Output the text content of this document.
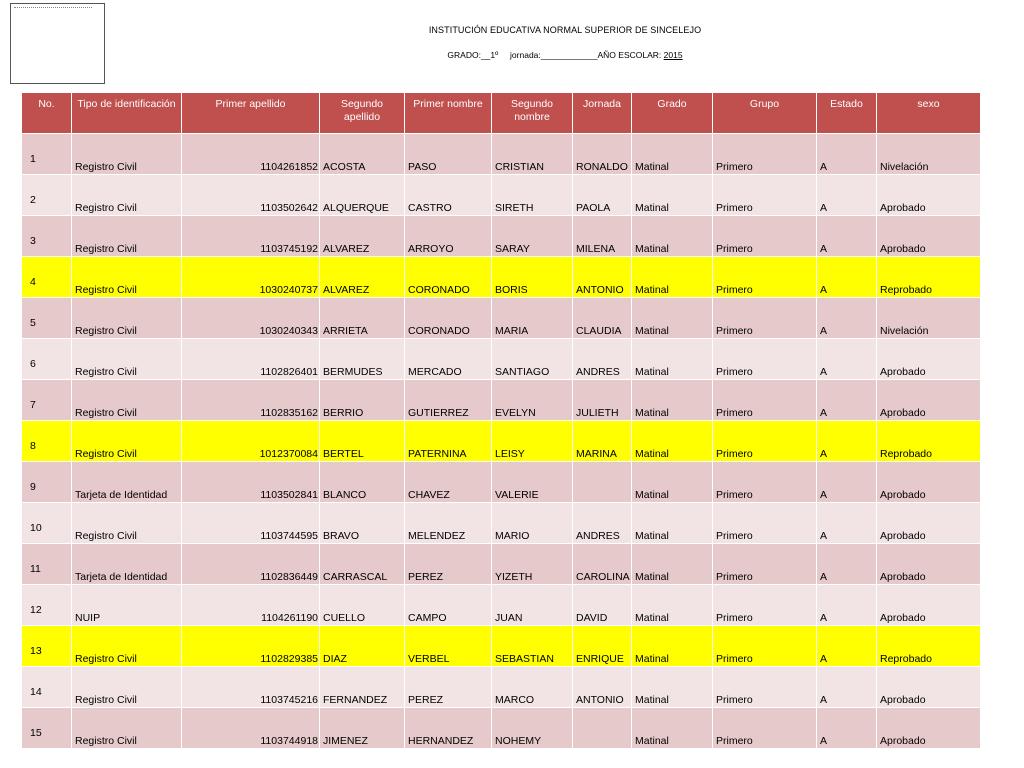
INSTITUCIÓN EDUCATIVA NORMAL SUPERIOR DE SINCELEJO
GRADO:__1º jornada:____________AÑO ESCOLAR: 2015
No.	Tipo de identificación	Primer apellido	Segundo apellido	Primer nombre	Segundo nombre	Jornada	Grado	Grupo	Estado	sexo
1	Registro Civil	1104261852	ACOSTA	PASO	CRISTIAN	RONALDO	Matinal	Primero	A	Nivelación
2	Registro Civil	1103502642	ALQUERQUE	CASTRO	SIRETH	PAOLA	Matinal	Primero	A	Aprobado
3	Registro Civil	1103745192	ALVAREZ	ARROYO	SARAY	MILENA	Matinal	Primero	A	Aprobado
4	Registro Civil	1030240737	ALVAREZ	CORONADO	BORIS	ANTONIO	Matinal	Primero	A	Reprobado
5	Registro Civil	1030240343	ARRIETA	CORONADO	MARIA	CLAUDIA	Matinal	Primero	A	Nivelación
6	Registro Civil	1102826401	BERMUDES	MERCADO	SANTIAGO	ANDRES	Matinal	Primero	A	Aprobado
7	Registro Civil	1102835162	BERRIO	GUTIERREZ	EVELYN	JULIETH	Matinal	Primero	A	Aprobado
8	Registro Civil	1012370084	BERTEL	PATERNINA	LEISY	MARINA	Matinal	Primero	A	Reprobado
9	Tarjeta de Identidad	1103502841	BLANCO	CHAVEZ	VALERIE		Matinal	Primero	A	Aprobado
10	Registro Civil	1103744595	BRAVO	MELENDEZ	MARIO	ANDRES	Matinal	Primero	A	Aprobado
11	Tarjeta de Identidad	1102836449	CARRASCAL	PEREZ	YIZETH	CAROLINA	Matinal	Primero	A	Aprobado
12	NUIP	1104261190	CUELLO	CAMPO	JUAN	DAVID	Matinal	Primero	A	Aprobado
13	Registro Civil	1102829385	DIAZ	VERBEL	SEBASTIAN	ENRIQUE	Matinal	Primero	A	Reprobado
14	Registro Civil	1103745216	FERNANDEZ	PEREZ	MARCO	ANTONIO	Matinal	Primero	A	Aprobado
15	Registro Civil	1103744918	JIMENEZ	HERNANDEZ	NOHEMY		Matinal	Primero	A	Aprobado
